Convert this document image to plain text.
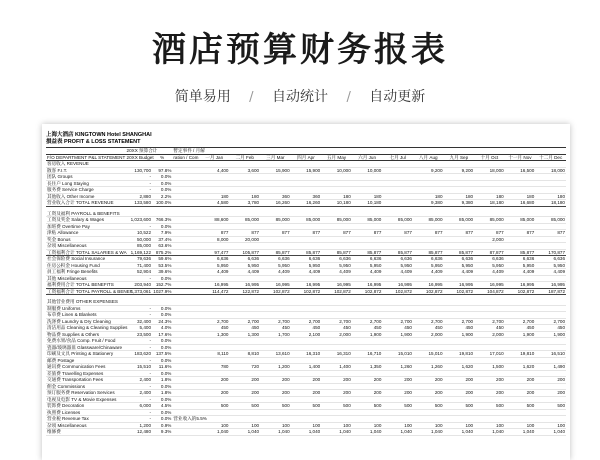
酒店预算财务报表
简单易用 / 自动统计 / 自动更新
上海大酒店 KINGTOWN Hotel SHANGHAI
損益表 PROFIT & LOSS STATEMENT
	20XX 预算合计		暫定事件 / 月解												
F/O DEPARTMENT P&L STATEMENT	20XX Budget	%	ration / Com	一月 Jan	二月 Feb	三月 Mar	四月 Apr	五月 May	六月 Jun	七月 Jul	八月 Aug	九月 Sep	十月 Oct	十一月 Nov	十二月 Dec
客房收入 REVENUE															
散客 F.I.T.	130,700	97.8%		4,400	3,600	15,900	15,900	10,000	10,000		9,200	9,200	18,000	16,500	18,000
团队 Groups	-	0.0%													
長住户 Long Staying	-	0.0%													
服务费 Service Charge	-	0.0%													
其他收入 Other Income	2,880	2.2%		180	180	360	360	180	180		180	180	180	180	180
营业收入合计 TOTAL REVENUE	133,580	100.0%		4,580	3,780	16,260	16,260	10,180	10,180		9,380	9,380	18,180	16,680	18,180

工资及福利 PAYROLL & BENEFITS															
工资及奖金 Salary & Wages	1,023,600	766.3%		88,600	85,000	85,000	85,000	85,000	85,000	85,000	85,000	85,000	85,000	85,000	85,000
加班费 Overtime Pay	-	0.0%													
津贴 Allowance	10,522	7.9%		877	877	877	877	877	877	877	877	877	877	877	877
奖金 Bonus	50,000	37.4%		8,000	20,000								2,000		
杂项 Miscellaneous	85,000	63.6%													
工资福利合计 TOTAL SALARIES & WA	1,169,122	875.2%		97,477	105,877	85,877	85,877	85,877	85,877	85,877	85,877	85,877	87,877	85,877	170,877
社会保险费 Social Insurance	79,636	59.6%		6,636	6,636	6,636	6,636	6,636	6,636	6,636	6,636	6,636	6,636	6,636	6,636
住房公积金 Housing Fund	71,400	53.5%		5,950	5,950	5,950	5,950	5,950	5,950	5,950	5,950	5,950	5,950	5,950	5,950
員工福利 Fringe Benefits	52,904	39.6%		4,409	4,409	4,409	4,409	4,409	4,409	4,409	4,409	4,409	4,409	4,409	4,409
其他 Miscellaneous	-	0.0%													
福利费用合计 TOTAL BENEFITS	203,940	152.7%		16,995	16,995	16,995	16,995	16,995	16,995	16,995	16,995	16,995	16,995	16,995	16,995
工资福利合计 TOTAL PAYROLL & BENEF	1,373,061	1027.9%		114,472	122,872	102,872	102,872	102,872	102,872	102,872	102,872	102,872	104,872	102,872	187,872

其他营业费用 OTHER EXPENSES															
制服费 Uniforms	-	0.0%													
布草费 Linen & Blankets	-	0.0%													
洗涤费 Laundry & Dry Cleaning	32,400	24.3%		2,700	2,700	2,700	2,700	2,700	2,700	2,700	2,700	2,700	2,700	2,700	2,700
清洁用品 Cleaning & Cleaning Supplies	5,400	4.0%		450	450	450	450	450	450	450	450	450	450	450	450
物品费 Supplies & Others	23,500	17.6%		1,300	1,300	1,700	2,100	2,000	1,900	1,900	2,000	1,900	2,000	1,900	1,900
免费水果/食品 Comp. Fruit / Food	-	0.0%													
瓷器/玻璃器皿 Glassware/Chinaware	-	0.0%													
印刷及文具 Printing & Stationery	183,620	137.5%		8,110	8,810	13,610	16,310	16,310	16,710	15,010	15,010	19,810	17,010	19,810	16,510
邮费 Postage	-	0.0%													
通讯费 Communication Fees	15,510	11.6%		780	720	1,200	1,400	1,400	1,350	1,260	1,260	1,620	1,500	1,620	1,490
差旅费 Travelling Expenses	-	0.0%													
交通费 Transportation Fees	2,400	1.8%		200	200	200	200	200	200	200	200	200	200	200	200
佣金 Commissions	-	0.0%													
预订服务费 Reservation Services	2,400	1.8%		200	200	200	200	200	200	200	200	200	200	200	200
电视及电影 TV & Movie Expenses	-	0.0%													
装饰费 Decoration	6,000	4.5%		500	500	500	500	500	500	500	500	500	500	500	500
执照费 Licenses	-	0.0%													
营业税 Revenue Tax	-	0.0%	营业收入的5.5%												
杂项 Miscellaneous	1,200	0.9%		100	100	100	100	100	100	100	100	100	100	100	100
维修费	12,480	9.3%		1,040	1,040	1,040	1,040	1,040	1,040	1,040	1,040	1,040	1,040	1,040	1,040
